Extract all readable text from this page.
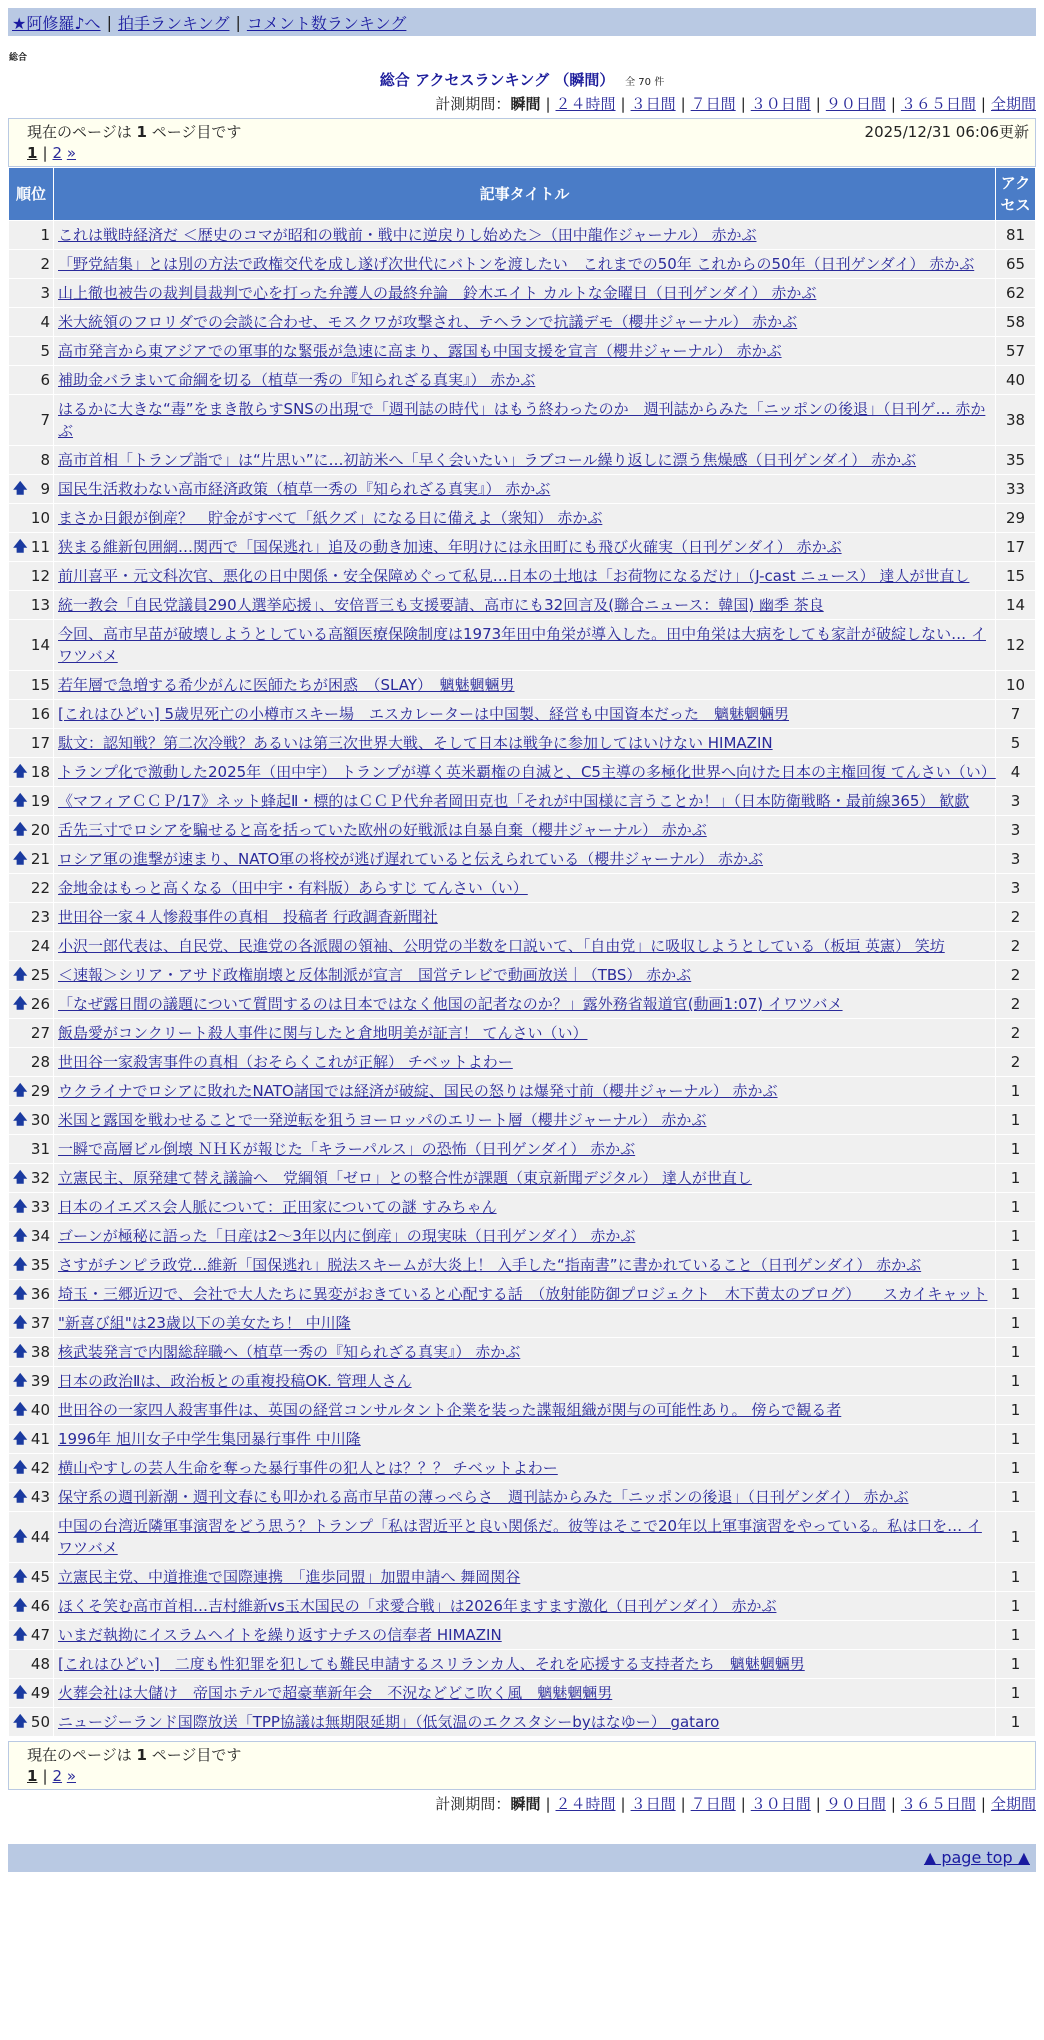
★阿修羅♪へ | 拍手ランキング | コメント数ランキング
総合
総合 アクセスランキング （瞬間） 全 70 件
計測期間：瞬間 | ２４時間 | ３日間 | ７日間 | ３０日間 | ９０日間 | ３６５日間 | 全期間
現在のページは 1 ページ目です	2025/12/31 06:06更新
1 | 2 »
順位	記事タイトル	アクセス
1	これは戦時経済だ ＜歴史のコマが昭和の戦前・戦中に逆戻りし始めた＞（田中龍作ジャーナル） 赤かぶ	81
2	「野党結集」とは別の方法で政権交代を成し遂げ次世代にバトンを渡したい　これまでの50年 これからの50年（日刊ゲンダイ） 赤かぶ	65
3	山上徹也被告の裁判員裁判で心を打った弁護人の最終弁論　鈴木エイト カルトな金曜日（日刊ゲンダイ） 赤かぶ	62
4	米大統領のフロリダでの会談に合わせ、モスクワが攻撃され、テヘランで抗議デモ（櫻井ジャーナル） 赤かぶ	58
5	高市発言から東アジアでの軍事的な緊張が急速に高まり、露国も中国支援を宣言（櫻井ジャーナル） 赤かぶ	57
6	補助金バラまいて命綱を切る（植草一秀の『知られざる真実』） 赤かぶ	40
7	はるかに大きな“毒”をまき散らすSNSの出現で「週刊誌の時代」はもう終わったのか　週刊誌からみた「ニッポンの後退」（日刊ゲ… 赤かぶ	38
8	高市首相「トランプ詣で」は“片思い”に…初訪米へ「早く会いたい」ラブコール繰り返しに漂う焦燥感（日刊ゲンダイ） 赤かぶ	35

🡅 9	国民生活救わない高市経済政策（植草一秀の『知られざる真実』） 赤かぶ	33
10	まさか日銀が倒産？　貯金がすべて「紙クズ」になる日に備えよ（衆知） 赤かぶ	29

🡅 11	狭まる維新包囲網…関西で「国保逃れ」追及の動き加速、年明けには永田町にも飛び火確実（日刊ゲンダイ） 赤かぶ	17
12	前川喜平・元文科次官、悪化の日中関係・安全保障めぐって私見…日本の土地は「お荷物になるだけ」（J-cast ニュース） 達人が世直し	15
13	統一教会「自民党議員290人選挙応援」、安倍晋三も支援要請、高市にも32回言及(聯合ニュース：韓国) 幽季 茶良	14
14	今回、高市早苗が破壊しようとしている高額医療保険制度は1973年田中角栄が導入した。田中角栄は大病をしても家計が破綻しない… イワツバメ	12
15	若年層で急増する希少がんに医師たちが困惑　（SLAY）　魑魅魍魎男	10
16	[これはひどい] 5歳児死亡の小樽市スキー場　エスカレーターは中国製、経営も中国資本だった　魑魅魍魎男	7
17	駄文：認知戦？第二次冷戦？あるいは第三次世界大戦、そして日本は戦争に参加してはいけない HIMAZIN	5

🡅 18	トランプ化で激動した2025年（田中宇） トランプが導く英米覇権の自滅と、C5主導の多極化世界へ向けた日本の主権回復 てんさい（い）	4

🡅 19	《マフィアＣＣＰ/17》ネット蜂起Ⅱ・標的はＣＣＰ代弁者岡田克也「それが中国様に言うことか！」（日本防衛戦略・最前線365） 歓歔	3

🡅 20	舌先三寸でロシアを騙せると高を括っていた欧州の好戦派は自暴自棄（櫻井ジャーナル） 赤かぶ	3

🡅 21	ロシア軍の進撃が速まり、NATO軍の将校が逃げ遅れていると伝えられている（櫻井ジャーナル） 赤かぶ	3
22	金地金はもっと高くなる（田中宇・有料版）あらすじ てんさい（い）	3
23	世田谷一家４人惨殺事件の真相　投稿者 行政調査新聞社	2
24	小沢一郎代表は、自民党、民進党の各派閥の領袖、公明党の半数を口説いて、「自由党」に吸収しようとしている（板垣 英憲） 笑坊	2

🡅 25	＜速報＞シリア・アサド政権崩壊と反体制派が宣言　国営テレビで動画放送｜（TBS） 赤かぶ	2

🡅 26	「なぜ露日間の議題について質問するのは日本ではなく他国の記者なのか？」露外務省報道官(動画1:07) イワツバメ	2
27	飯島愛がコンクリート殺人事件に関与したと倉地明美が証言！ てんさい（い）	2
28	世田谷一家殺害事件の真相（おそらくこれが正解） チベットよわー	2

🡅 29	ウクライナでロシアに敗れたNATO諸国では経済が破綻、国民の怒りは爆発寸前（櫻井ジャーナル） 赤かぶ	1

🡅 30	米国と露国を戦わせることで一発逆転を狙うヨーロッパのエリート層（櫻井ジャーナル） 赤かぶ	1
31	一瞬で高層ビル倒壊 ＮＨＫが報じた「キラーパルス」の恐怖（日刊ゲンダイ） 赤かぶ	1

🡅 32	立憲民主、原発建て替え議論へ　党綱領「ゼロ」との整合性が課題（東京新聞デジタル） 達人が世直し	1

🡅 33	日本のイエズス会人脈について：正田家についての謎 すみちゃん	1

🡅 34	ゴーンが極秘に語った「日産は2～3年以内に倒産」の現実味（日刊ゲンダイ） 赤かぶ	1

🡅 35	さすがチンピラ政党…維新「国保逃れ」脱法スキームが大炎上！ 入手した“指南書”に書かれていること（日刊ゲンダイ） 赤かぶ	1

🡅 36	埼玉・三郷近辺で、会社で大人たちに異変がおきていると心配する話　（放射能防御プロジェクト　木下黄太のブログ）　　スカイキャット	1

🡅 37	"新喜び組"は23歳以下の美女たち！ 中川隆	1

🡅 38	核武装発言で内閣総辞職へ（植草一秀の『知られざる真実』） 赤かぶ	1

🡅 39	日本の政治Ⅱは、政治板との重複投稿OK. 管理人さん	1

🡅 40	世田谷の一家四人殺害事件は、英国の経営コンサルタント企業を装った諜報組織が関与の可能性あり。 傍らで観る者	1

🡅 41	1996年 旭川女子中学生集団暴行事件 中川隆	1

🡅 42	横山やすしの芸人生命を奪った暴行事件の犯人とは？？？ チベットよわー	1

🡅 43	保守系の週刊新潮・週刊文春にも叩かれる高市早苗の薄っぺらさ　週刊誌からみた「ニッポンの後退」（日刊ゲンダイ） 赤かぶ	1

🡅 44	中国の台湾近隣軍事演習をどう思う？トランプ「私は習近平と良い関係だ。彼等はそこで20年以上軍事演習をやっている。私は口を… イワツバメ	1

🡅 45	立憲民主党、中道推進で国際連携　「進歩同盟」加盟申請へ 舞岡関谷	1

🡅 46	ほくそ笑む高市首相…吉村維新vs玉木国民の「求愛合戦」は2026年ますます激化（日刊ゲンダイ） 赤かぶ	1

🡅 47	いまだ執拗にイスラムヘイトを繰り返すナチスの信奉者 HIMAZIN	1
48	[これはひどい]　二度も性犯罪を犯しても難民申請するスリランカ人、それを応援する支持者たち　魑魅魍魎男	1

🡅 49	火葬会社は大儲け　帝国ホテルで超豪華新年会　不況などどこ吹く風　魑魅魍魎男	1

🡅 50	ニュージーランド国際放送「TPP協議は無期限延期」（低気温のエクスタシーbyはなゆー） gataro	1
現在のページは 1 ページ目です
1 | 2 »
計測期間：瞬間 | ２４時間 | ３日間 | ７日間 | ３０日間 | ９０日間 | ３６５日間 | 全期間
▲ page top ▲
